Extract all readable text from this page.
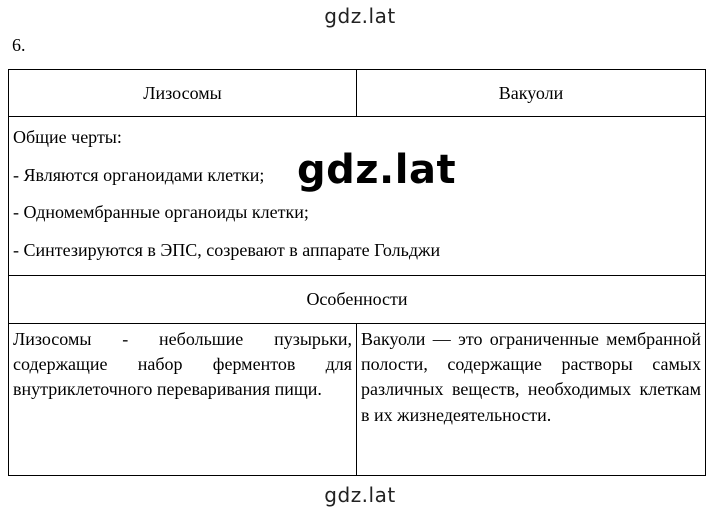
gdz.lat
6.
Лизосомы	Вакуоли

Общие черты:

- Являются органоидами клетки;

- Одномембранные органоиды клетки;

- Синтезируются в ЭПС, созревают в аппарате Гольджи	

Особенности	
Лизосомы - небольшие пузырьки, содержащие набор ферментов для внутриклеточного переваривания пищи.	Вакуоли — это ограниченные мембранной полости, содержащие растворы самых различных веществ, необходимых клеткам в их жизнедеятельности.
gdz.lat
gdz.lat
